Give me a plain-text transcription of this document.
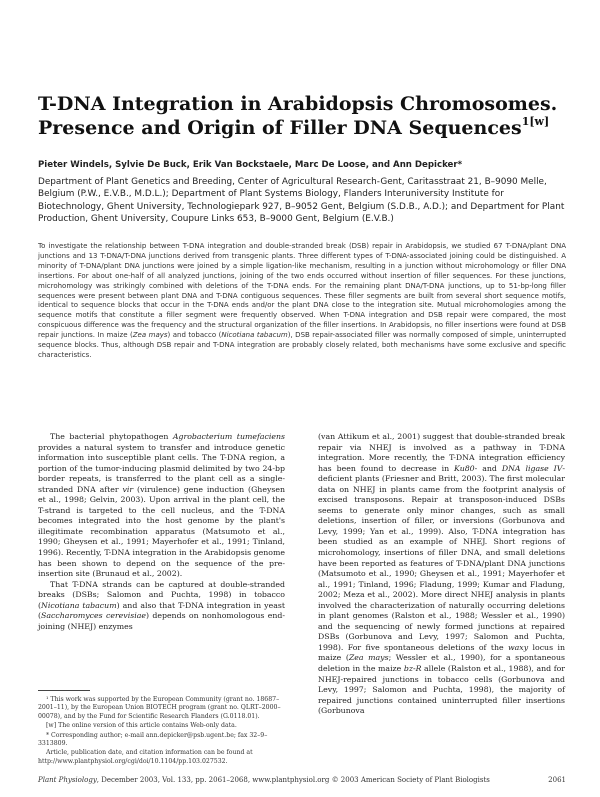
T-DNA Integration in Arabidopsis Chromosomes.
Presence and Origin of Filler DNA Sequences$^{1[w]}$

Pieter Windels, Sylvie De Buck, Erik Van Bockstaele, Marc De Loose, and Ann Depicker*

Department of Plant Genetics and Breeding, Center of Agricultural Research-Gent, Caritasstraat 21, B–9090 Melle, Belgium (P.W., E.V.B., M.D.L.); Department of Plant Systems Biology, Flanders Interuniversity Institute for Biotechnology, Ghent University, Technologiepark 927, B–9052 Gent, Belgium (S.D.B., A.D.); and Department for Plant Production, Ghent University, Coupure Links 653, B–9000 Gent, Belgium (E.V.B.)

To investigate the relationship between T-DNA integration and double-stranded break (DSB) repair in Arabidopsis, we studied 67 T-DNA/plant DNA junctions and 13 T-DNA/T-DNA junctions derived from transgenic plants. Three different types of T-DNA-associated joining could be distinguished. A minority of T-DNA/plant DNA junctions were joined by a simple ligation-like mechanism, resulting in a junction without microhomology or filler DNA insertions. For about one-half of all analyzed junctions, joining of the two ends occurred without insertion of filler sequences. For these junctions, microhomology was strikingly combined with deletions of the T-DNA ends. For the remaining plant DNA/T-DNA junctions, up to 51-bp-long filler sequences were present between plant DNA and T-DNA contiguous sequences. These filler segments are built from several short sequence motifs, identical to sequence blocks that occur in the T-DNA ends and/or the plant DNA close to the integration site. Mutual microhomologies among the sequence motifs that constitute a filler segment were frequently observed. When T-DNA integration and DSB repair were compared, the most conspicuous difference was the frequency and the structural organization of the filler insertions. In Arabidopsis, no filler insertions were found at DSB repair junctions. In maize (Zea mays) and tobacco (Nicotiana tabacum), DSB repair-associated filler was normally composed of simple, uninterrupted sequence blocks. Thus, although DSB repair and T-DNA integration are probably closely related, both mechanisms have some exclusive and specific characteristics.

The bacterial phytopathogen Agrobacterium tumefaciens provides a natural system to transfer and introduce genetic information into susceptible plant cells. The T-DNA region, a portion of the tumor-inducing plasmid delimited by two 24-bp border repeats, is transferred to the plant cell as a single-stranded DNA after vir (virulence) gene induction (Gheysen et al., 1998; Gelvin, 2003). Upon arrival in the plant cell, the T-strand is targeted to the cell nucleus, and the T-DNA becomes integrated into the host genome by the plant's illegitimate recombination apparatus (Matsumoto et al., 1990; Gheysen et al., 1991; Mayerhofer et al., 1991; Tinland, 1996). Recently, T-DNA integration in the Arabidopsis genome has been shown to depend on the sequence of the pre-insertion site (Brunaud et al., 2002).

That T-DNA strands can be captured at double-stranded breaks (DSBs; Salomon and Puchta, 1998) in tobacco (Nicotiana tabacum) and also that T-DNA integration in yeast (Saccharomyces cerevisiae) depends on nonhomologous end-joining (NHEJ) enzymes

¹ This work was supported by the European Community (grant no. 18687–2001–11), by the European Union BIOTECH program (grant no. QLRT–2000–00078), and by the Fund for Scientific Research Flanders (G.0118.01).

[w] The online version of this article contains Web-only data.

* Corresponding author; e-mail ann.depicker@psb.ugent.be; fax 32–9–3313809.

Article, publication date, and citation information can be found at http://www.plantphysiol.org/cgi/doi/10.1104/pp.103.027532.

(van Attikum et al., 2001) suggest that double-stranded break repair via NHEJ is involved as a pathway in T-DNA integration. More recently, the T-DNA integration efficiency has been found to decrease in Ku80- and DNA ligase IV-deficient plants (Friesner and Britt, 2003). The first molecular data on NHEJ in plants came from the footprint analysis of excised transposons. Repair at transposon-induced DSBs seems to generate only minor changes, such as small deletions, insertion of filler, or inversions (Gorbunova and Levy, 1999; Yan et al., 1999). Also, T-DNA integration has been studied as an example of NHEJ. Short regions of microhomology, insertions of filler DNA, and small deletions have been reported as features of T-DNA/plant DNA junctions (Matsumoto et al., 1990; Gheysen et al., 1991; Mayerhofer et al., 1991; Tinland, 1996; Fladung, 1999; Kumar and Fladung, 2002; Meza et al., 2002). More direct NHEJ analysis in plants involved the characterization of naturally occurring deletions in plant genomes (Ralston et al., 1988; Wessler et al., 1990) and the sequencing of newly formed junctions at repaired DSBs (Gorbunova and Levy, 1997; Salomon and Puchta, 1998). For five spontaneous deletions of the waxy locus in maize (Zea mays; Wessler et al., 1990), for a spontaneous deletion in the maize bz-R allele (Ralston et al., 1988), and for NHEJ-repaired junctions in tobacco cells (Gorbunova and Levy, 1997; Salomon and Puchta, 1998), the majority of repaired junctions contained uninterrupted filler insertions (Gorbunova

Plant Physiology, December 2003, Vol. 133, pp. 2061–2068, www.plantphysiol.org © 2003 American Society of Plant Biologists	2061
